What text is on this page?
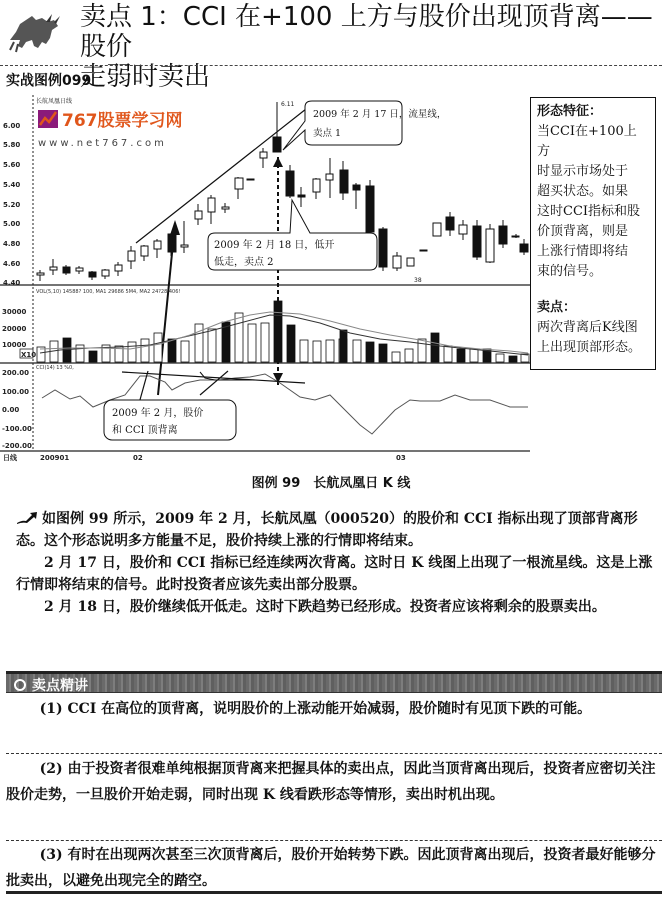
卖点 1：CCI 在+100 上方与股价出现顶背离——股价
走弱时卖出
实战图例099
长航凤凰日线
6.00
5.80
5.60
5.40
5.20
5.00
4.80
4.60
4.40
767股票学习网
www.net767.com
6.11
38
VOL(5,10) 14588? 100, MA1 29686 5M4, MA2 24?28 406!
30000
20000
10000
X10
CCI(14) 13 %0,
200.00
100.00
0.00
-100.00
-200.00
日线	200901	02	03
2009 年 2 月 17 日，流星线，
卖点 1
2009 年 2 月 18 日，低开
低走，卖点 2
2009 年 2 月，股价
和 CCI 顶背离
形态特征：
当CCI在+100上方
时显示市场处于
超买状态。如果
这时CCI指标和股
价顶背离，则是
上涨行情即将结
束的信号。
卖点：
两次背离后K线图
上出现顶部形态。
图例 99　长航凤凰日 K 线
如图例 99 所示，2009 年 2 月，长航凤凰（000520）的股价和 CCI 指标出现了顶部背离形态。这个形态说明多方能量不足，股价持续上涨的行情即将结束。
2 月 17 日，股价和 CCI 指标已经连续两次背离。这时日 K 线图上出现了一根流星线。这是上涨行情即将结束的信号。此时投资者应该先卖出部分股票。
2 月 18 日，股价继续低开低走。这时下跌趋势已经形成。投资者应该将剩余的股票卖出。
卖点精讲

(1) CCI 在高位的顶背离，说明股价的上涨动能开始减弱，股价随时有见顶下跌的可能。

(2) 由于投资者很难单纯根据顶背离来把握具体的卖出点，因此当顶背离出现后，投资者应密切关注股价走势，一旦股价开始走弱，同时出现 K 线看跌形态等情形，卖出时机出现。

(3) 有时在出现两次甚至三次顶背离后，股价开始转势下跌。因此顶背离出现后，投资者最好能够分批卖出，以避免出现完全的踏空。
